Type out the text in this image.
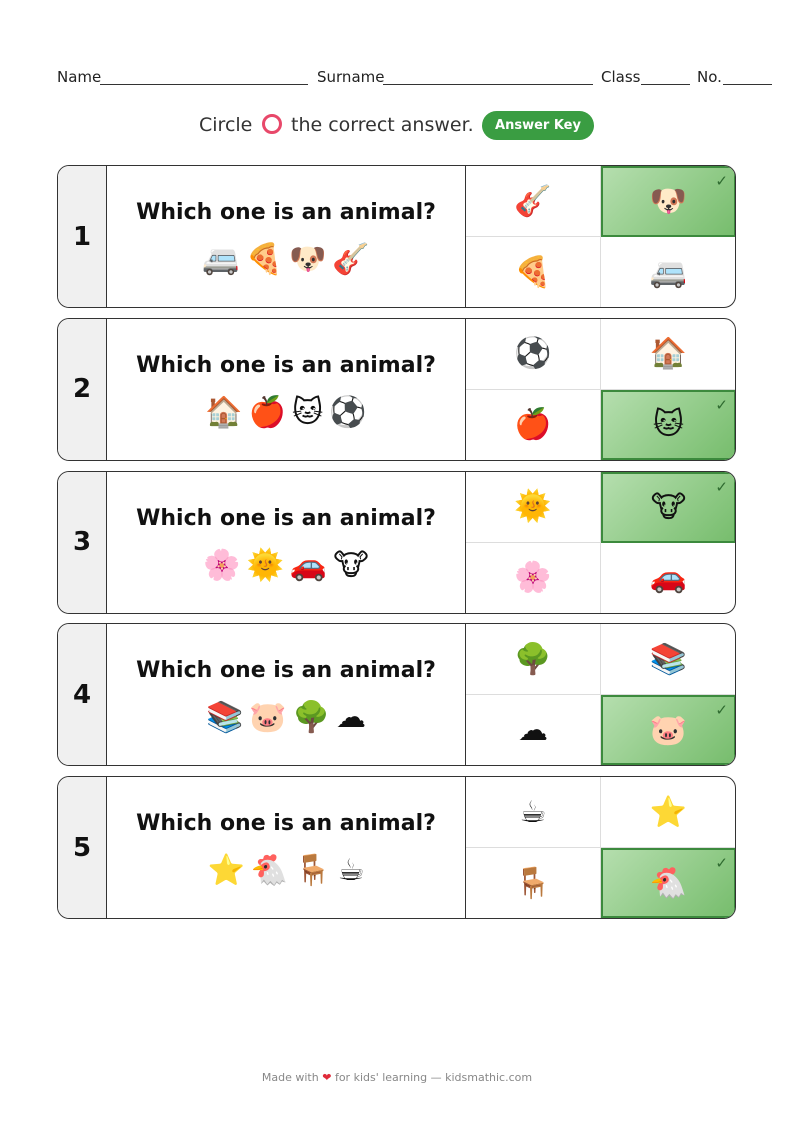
Name	Surname	Class	No.
Circle the correct answer.	Answer Key
1
Which one is an animal?
🚐 🍕 🐶 🎸
🎸	🐶
✓
🍕	🚐
2
Which one is an animal?
🏠 🍎 🐱 ⚽
⚽	🏠
🍎	🐱
✓
3
Which one is an animal?
🌸 🌞 🚗 🐮
🌞	🐮
✓
🌸	🚗
4
Which one is an animal?
📚 🐷 🌳 ☁
🌳	📚
☁	🐷
✓
5
Which one is an animal?
⭐ 🐔 🪑 ☕
☕	⭐
🪑	🐔
✓
Made with ❤ for kids' learning — kidsmathic.com
